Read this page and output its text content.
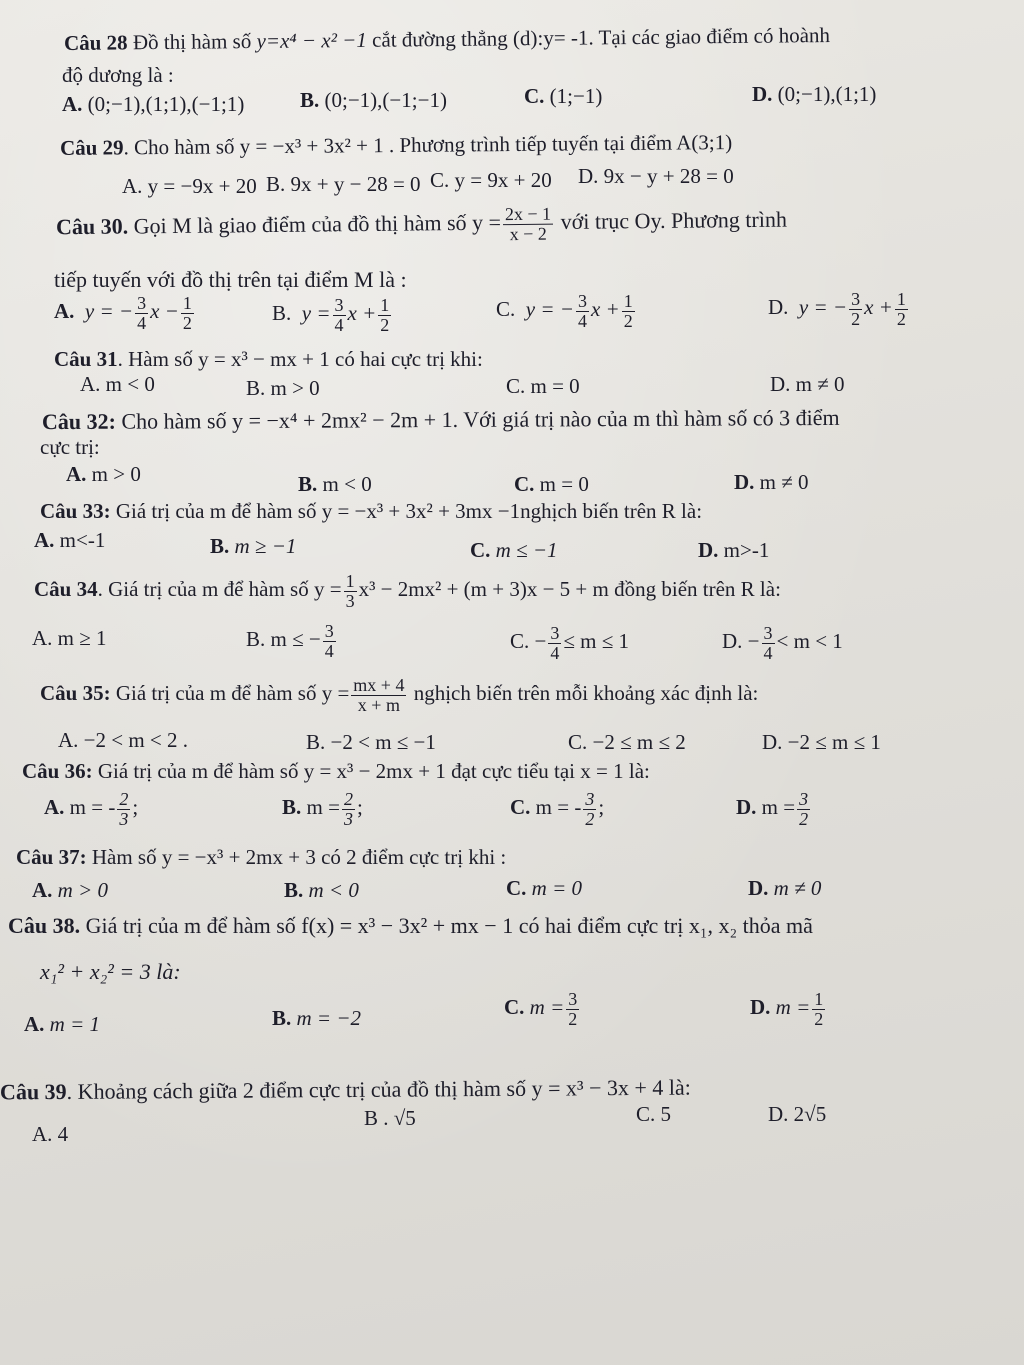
Câu 28 Đồ thị hàm số y=x⁴ − x² −1 cắt đường thẳng (d):y= -1. Tại các giao điểm có hoành
độ dương là :
A. (0;−1),(1;1),(−1;1)	B. (0;−1),(−1;−1)	C. (1;−1)	D. (0;−1),(1;1)
Câu 29. Cho hàm số y = −x³ + 3x² + 1 . Phương trình tiếp tuyến tại điểm A(3;1)
A. y = −9x + 20 B. 9x + y − 28 = 0 C. y = 9x + 20 D. 9x − y + 28 = 0
Câu 30. Gọi M là giao điểm của đồ thị hàm số $y = \frac{2x - 1}{x - 2}$ với trục Oy. Phương trình
tiếp tuyến với đồ thị trên tại điểm M là :
A. y = − $\frac{3}{4}$ $x - \frac{1}{2}$	B. $y = \frac{3}{4}$ $x + \frac{1}{2}$	C. y = − $\frac{3}{4}$ $x + \frac{1}{2}$	D. y = − $\frac{3}{2}$ $x + \frac{1}{2}$
Câu 31. Hàm số y = x³ − mx + 1 có hai cực trị khi:
A. m < 0	B. m > 0	C. m = 0	D. m ≠ 0
Câu 32: Cho hàm số y = −x⁴ + 2mx² − 2m + 1. Với giá trị nào của m thì hàm số có 3 điểm
cực trị:
A. m > 0	B. m < 0	C. m = 0	D. m ≠ 0
Câu 33: Giá trị của m để hàm số y = −x³ + 3x² + 3mx −1nghịch biến trên R là:
A. m<-1	B. m ≥ −1	C. m ≤ −1	D. m>-1
Câu 34. Giá trị của m để hàm số $y = \frac{1}{3} x^3 - 2mx^2 + (m + 3)x - 5 + m$ đồng biến trên R là:
A. m ≥ 1	B. m ≤ − $\frac{3}{4}$	C. − $\frac{3}{4} \le m \le 1$	D. − $\frac{3}{4} < m < 1$
Câu 35: Giá trị của m để hàm số $y = \frac{mx + 4}{x + m}$ nghịch biến trên mỗi khoảng xác định là:
A. −2 < m < 2 .	B. −2 < m ≤ −1	C. −2 ≤ m ≤ 2	D. −2 ≤ m ≤ 1
Câu 36: Giá trị của m để hàm số y = x³ − 2mx + 1 đạt cực tiểu tại x = 1 là:
A. m = - $\frac{2}{3}$ ;	B. $m = \frac{2}{3}$ ;	C. m = - $\frac{3}{2}$ ;	D. $m = \frac{3}{2}$
Câu 37: Hàm số y = −x³ + 2mx + 3 có 2 điểm cực trị khi :
A. m > 0	B. m < 0	C. m = 0	D. m ≠ 0
Câu 38. Giá trị của m để hàm số f(x) = x³ − 3x² + mx − 1 có hai điểm cực trị x₁, x₂ thỏa mã
x₁² + x₂² = 3 là:
A. m = 1	B. m = −2	C. $m = \frac{3}{2}$	D. $m = \frac{1}{2}$
Câu 39. Khoảng cách giữa 2 điểm cực trị của đồ thị hàm số y = x³ − 3x + 4 là:
A. 4
B . √5	C. 5	D. 2√5
